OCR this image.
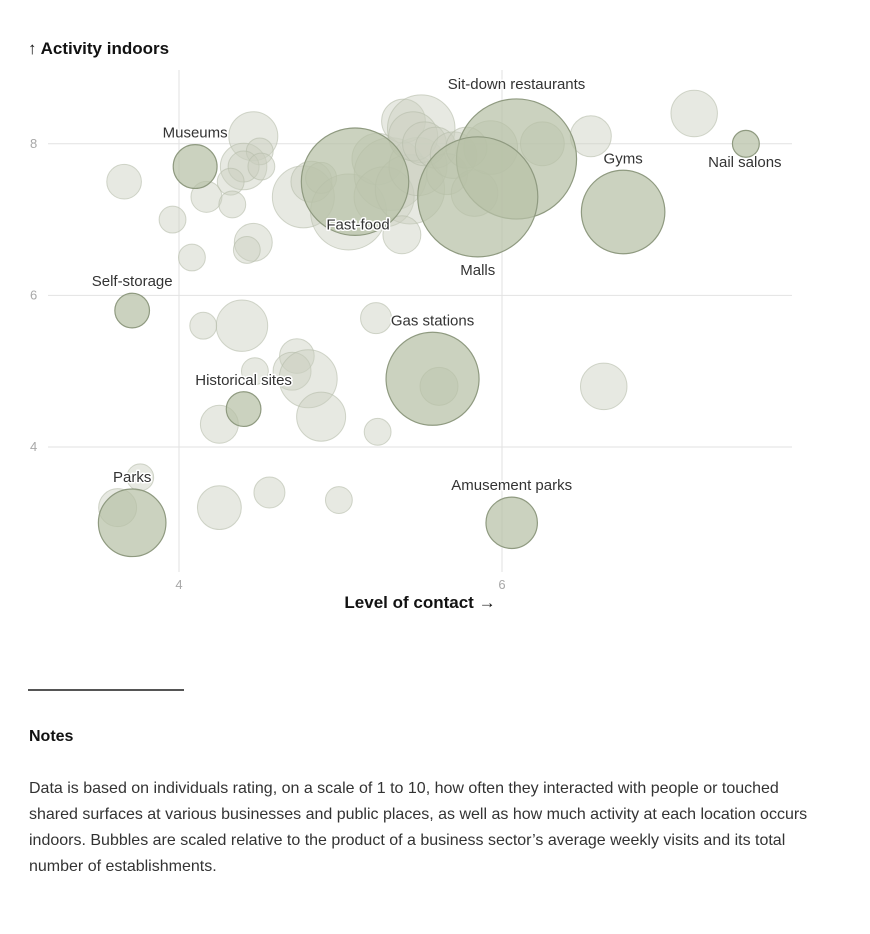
Sit-down restaurants
Malls
Fast-food
Gyms	Nail salons
Museums
Self-storage
Gas stations
Historical sites
Parks	Amusement parks
4
6
8
4	6
↑ Activity indoors
Level of contact →
Notes

Data is based on individuals rating, on a scale of 1 to 10, how often they interacted with people or touched shared surfaces at various businesses and public places, as well as how much activity at each location occurs indoors. Bubbles are scaled relative to the product of a business sector’s average weekly visits and its total number of establishments.
